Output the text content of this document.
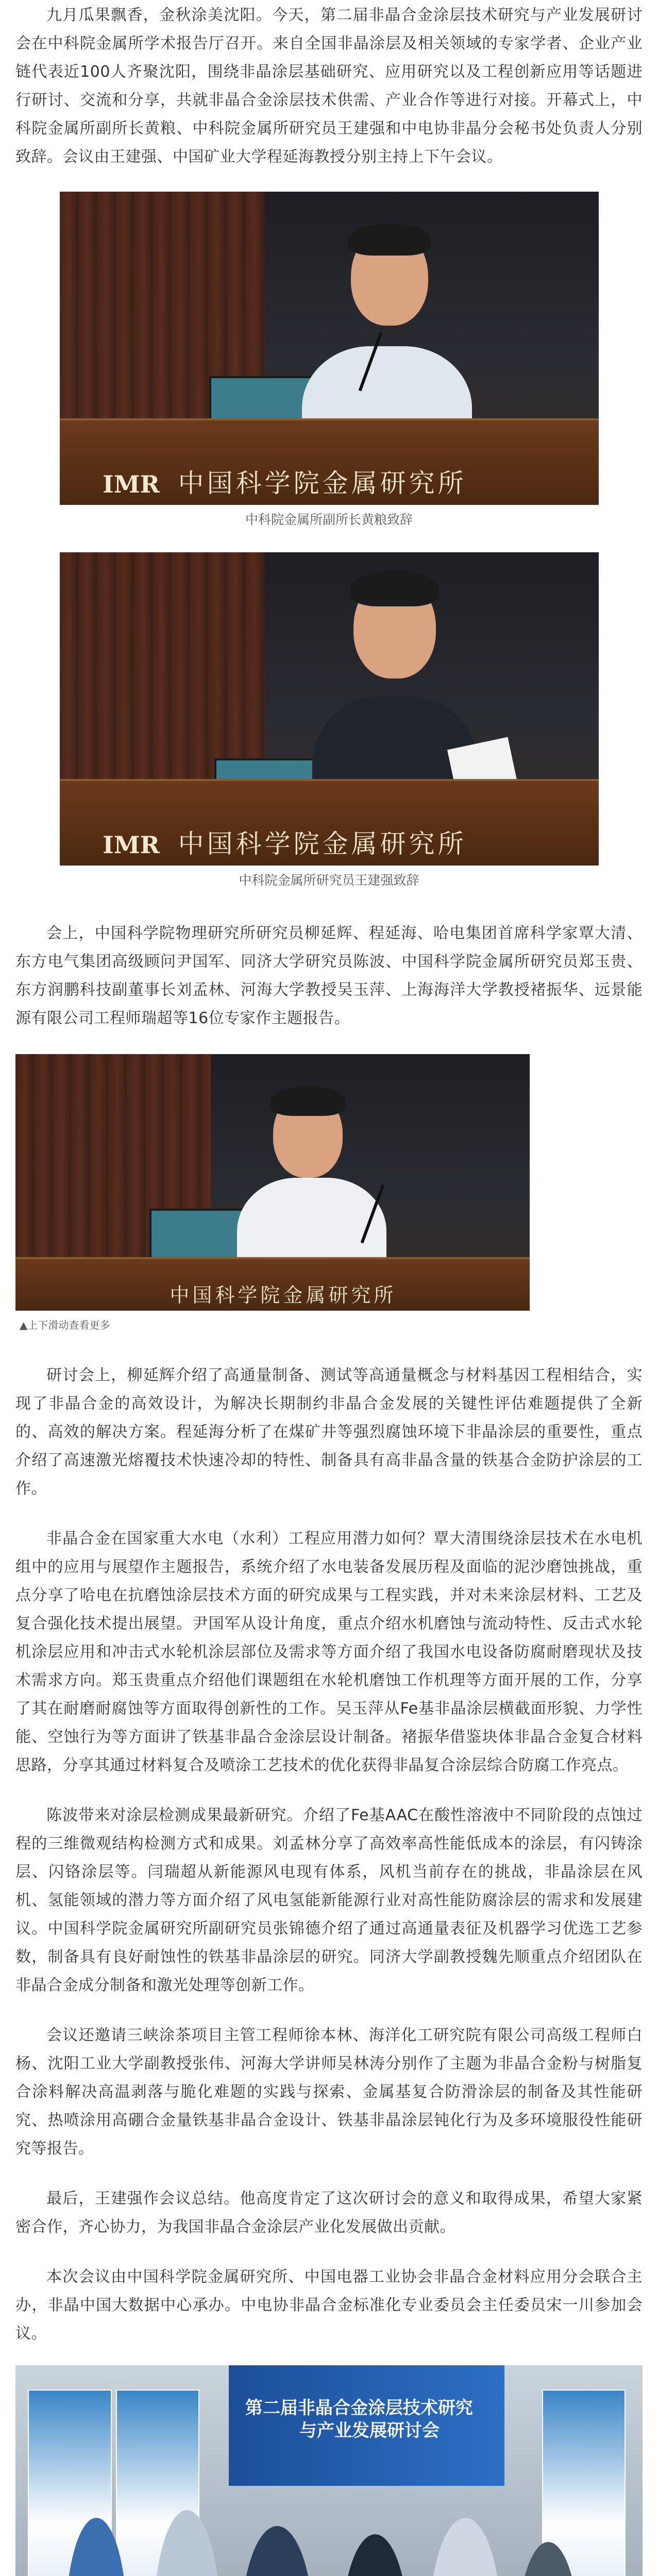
九月瓜果飘香，金秋涂美沈阳。今天，第二届非晶合金涂层技术研究与产业发展研讨会在中科院金属所学术报告厅召开。来自全国非晶涂层及相关领域的专家学者、企业产业链代表近100人齐聚沈阳，围绕非晶涂层基础研究、应用研究以及工程创新应用等话题进行研讨、交流和分享，共就非晶合金涂层技术供需、产业合作等进行对接。开幕式上，中科院金属所副所长黄粮、中科院金属所研究员王建强和中电协非晶分会秘书处负责人分别致辞。会议由王建强、中国矿业大学程延海教授分别主持上下午会议。

IMR 中国科学院金属研究所

中科院金属所副所长黄粮致辞

IMR 中国科学院金属研究所

中科院金属所研究员王建强致辞

会上，中国科学院物理研究所研究员柳延辉、程延海、哈电集团首席科学家覃大清、东方电气集团高级顾问尹国军、同济大学研究员陈波、中国科学院金属所研究员郑玉贵、东方润鹏科技副董事长刘孟林、河海大学教授吴玉萍、上海海洋大学教授褚振华、远景能源有限公司工程师瑞超等16位专家作主题报告。

中国科学院金属研究所

▲上下滑动查看更多

研讨会上，柳延辉介绍了高通量制备、测试等高通量概念与材料基因工程相结合，实现了非晶合金的高效设计，为解决长期制约非晶合金发展的关键性评估难题提供了全新的、高效的解决方案。程延海分析了在煤矿井等强烈腐蚀环境下非晶涂层的重要性，重点介绍了高速激光熔覆技术快速冷却的特性、制备具有高非晶含量的铁基合金防护涂层的工作。

非晶合金在国家重大水电（水利）工程应用潜力如何？覃大清围绕涂层技术在水电机组中的应用与展望作主题报告，系统介绍了水电装备发展历程及面临的泥沙磨蚀挑战，重点分享了哈电在抗磨蚀涂层技术方面的研究成果与工程实践，并对未来涂层材料、工艺及复合强化技术提出展望。尹国军从设计角度，重点介绍水机磨蚀与流动特性、反击式水轮机涂层应用和冲击式水轮机涂层部位及需求等方面介绍了我国水电设备防腐耐磨现状及技术需求方向。郑玉贵重点介绍他们课题组在水轮机磨蚀工作机理等方面开展的工作，分享了其在耐磨耐腐蚀等方面取得创新性的工作。吴玉萍从Fe基非晶涂层横截面形貌、力学性能、空蚀行为等方面讲了铁基非晶合金涂层设计制备。褚振华借鉴块体非晶合金复合材料思路，分享其通过材料复合及喷涂工艺技术的优化获得非晶复合涂层综合防腐工作亮点。

陈波带来对涂层检测成果最新研究。介绍了Fe基AAC在酸性溶液中不同阶段的点蚀过程的三维微观结构检测方式和成果。刘孟林分享了高效率高性能低成本的涂层，有闪铸涂层、闪铬涂层等。闫瑞超从新能源风电现有体系，风机当前存在的挑战，非晶涂层在风机、氢能领域的潜力等方面介绍了风电氢能新能源行业对高性能防腐涂层的需求和发展建议。中国科学院金属研究所副研究员张锦德介绍了通过高通量表征及机器学习优选工艺参数，制备具有良好耐蚀性的铁基非晶涂层的研究。同济大学副教授魏先顺重点介绍团队在非晶合金成分制备和激光处理等创新工作。

会议还邀请三峡涂茶项目主管工程师徐本林、海洋化工研究院有限公司高级工程师白杨、沈阳工业大学副教授张伟、河海大学讲师吴林涛分别作了主题为非晶合金粉与树脂复合涂料解决高温剥落与脆化难题的实践与探索、金属基复合防滑涂层的制备及其性能研究、热喷涂用高硼合金量铁基非晶合金设计、铁基非晶涂层钝化行为及多环境服役性能研究等报告。

最后，王建强作会议总结。他高度肯定了这次研讨会的意义和取得成果，希望大家紧密合作，齐心协力，为我国非晶合金涂层产业化发展做出贡献。

本次会议由中国科学院金属研究所、中国电器工业协会非晶合金材料应用分会联合主办，非晶中国大数据中心承办。中电协非晶合金标准化专业委员会主任委员宋一川参加会议。

第二届非晶合金涂层技术研究
与产业发展研讨会
